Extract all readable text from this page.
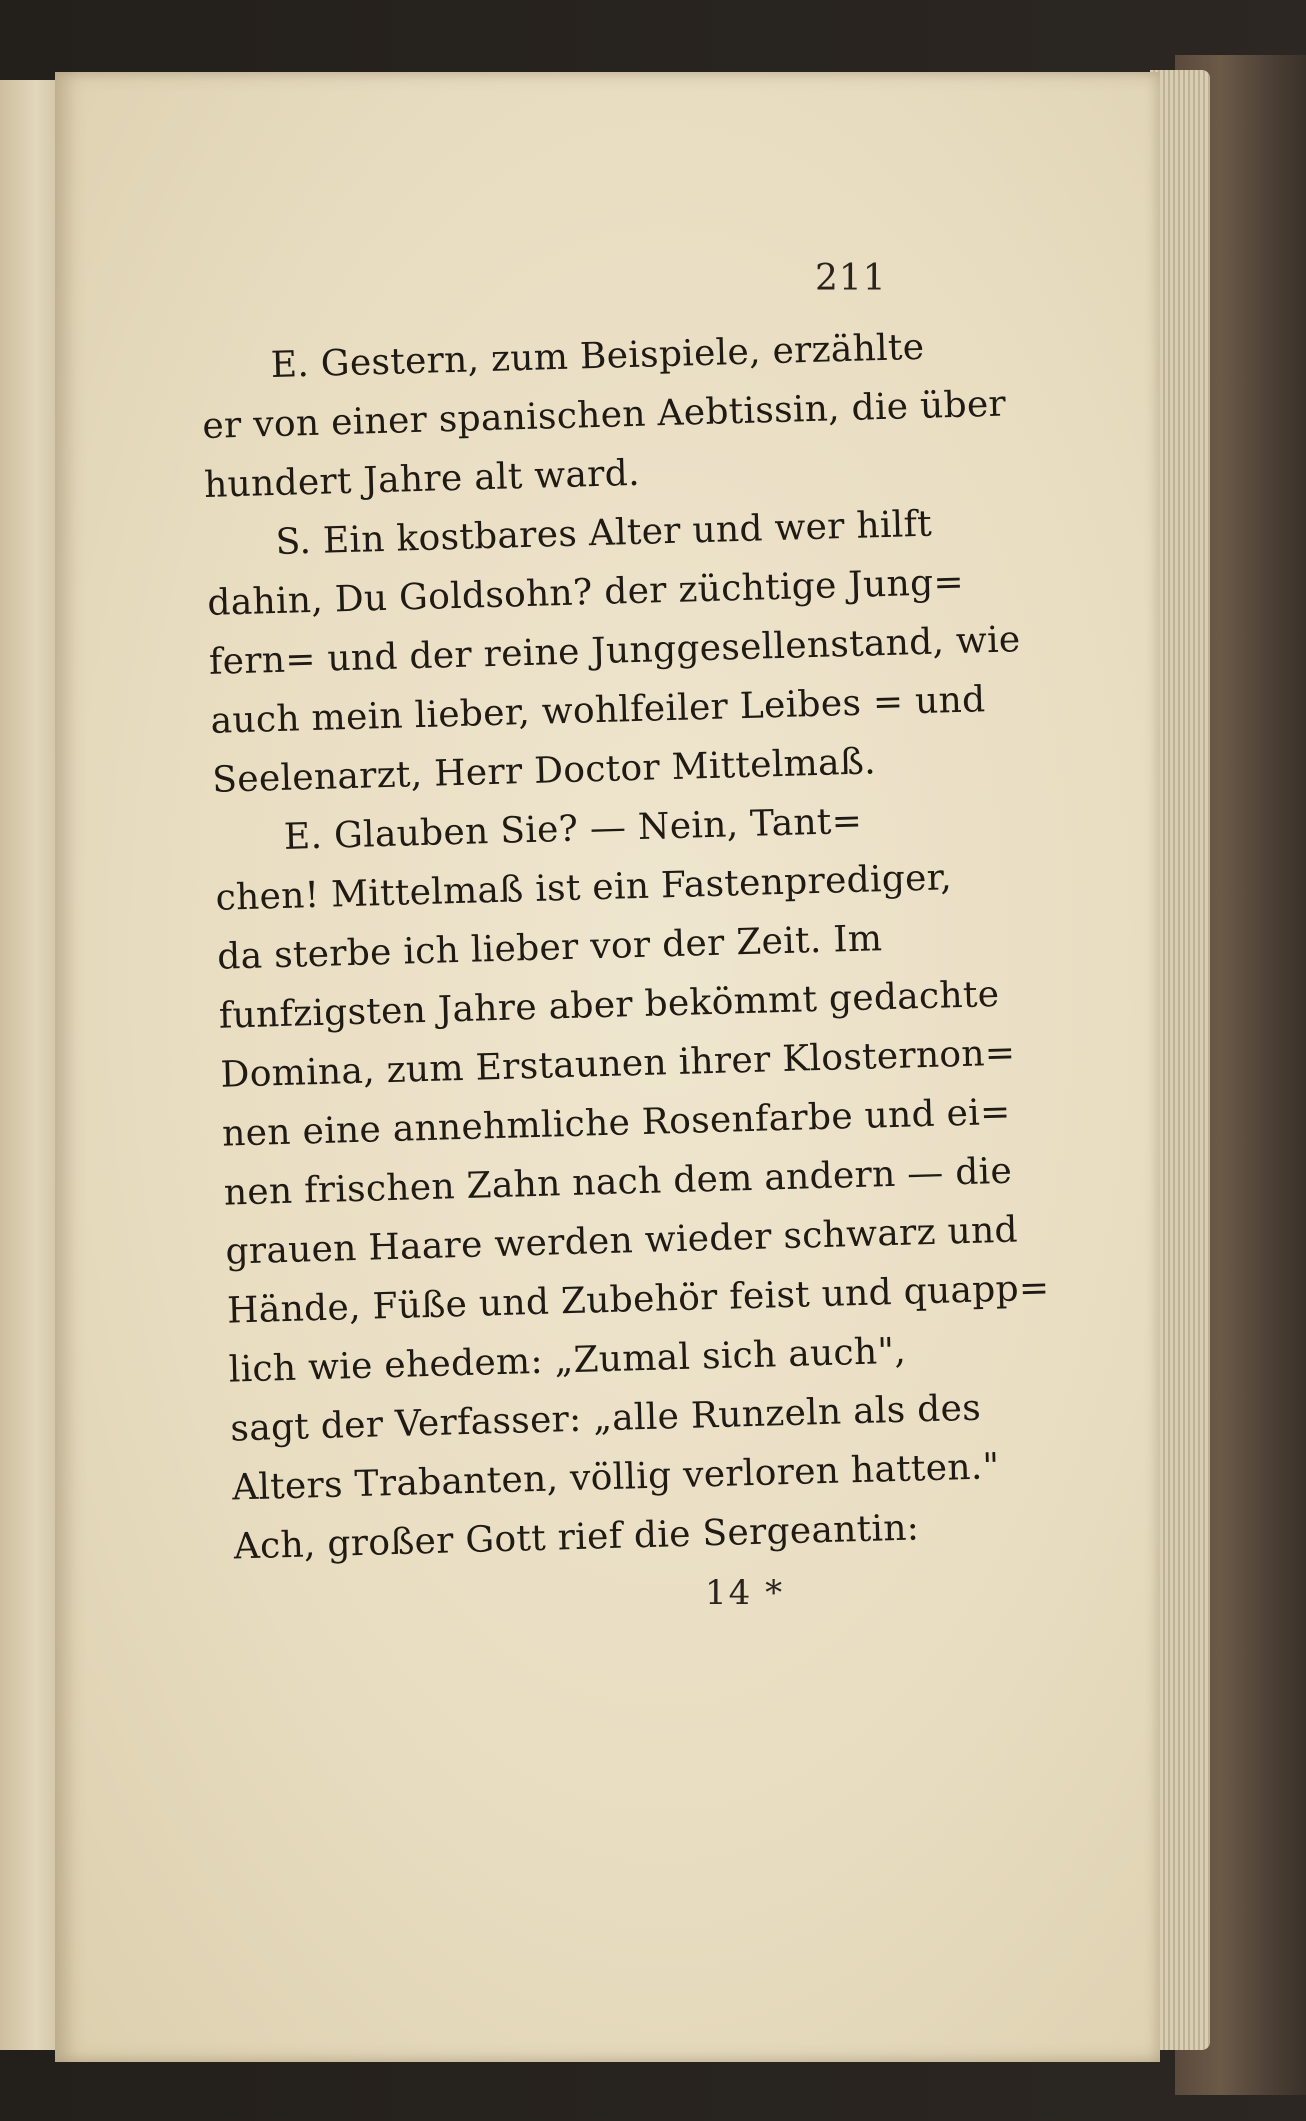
211
E. Gestern, zum Beispiele, erzählte
er von einer spanischen Aebtissin, die über
hundert Jahre alt ward.
S. Ein kostbares Alter und wer hilft
dahin, Du Goldsohn? der züchtige Jung=
fern= und der reine Junggesellenstand, wie
auch mein lieber, wohlfeiler Leibes = und
Seelenarzt, Herr Doctor Mittelmaß.
E. Glauben Sie? — Nein, Tant=
chen! Mittelmaß ist ein Fastenprediger,
da sterbe ich lieber vor der Zeit. Im
funfzigsten Jahre aber bekömmt gedachte
Domina, zum Erstaunen ihrer Klosternon=
nen eine annehmliche Rosenfarbe und ei=
nen frischen Zahn nach dem andern — die
grauen Haare werden wieder schwarz und
Hände, Füße und Zubehör feist und quapp=
lich wie ehedem: „Zumal sich auch",
sagt der Verfasser: „alle Runzeln als des
Alters Trabanten, völlig verloren hatten."
Ach, großer Gott rief die Sergeantin:
14 *
